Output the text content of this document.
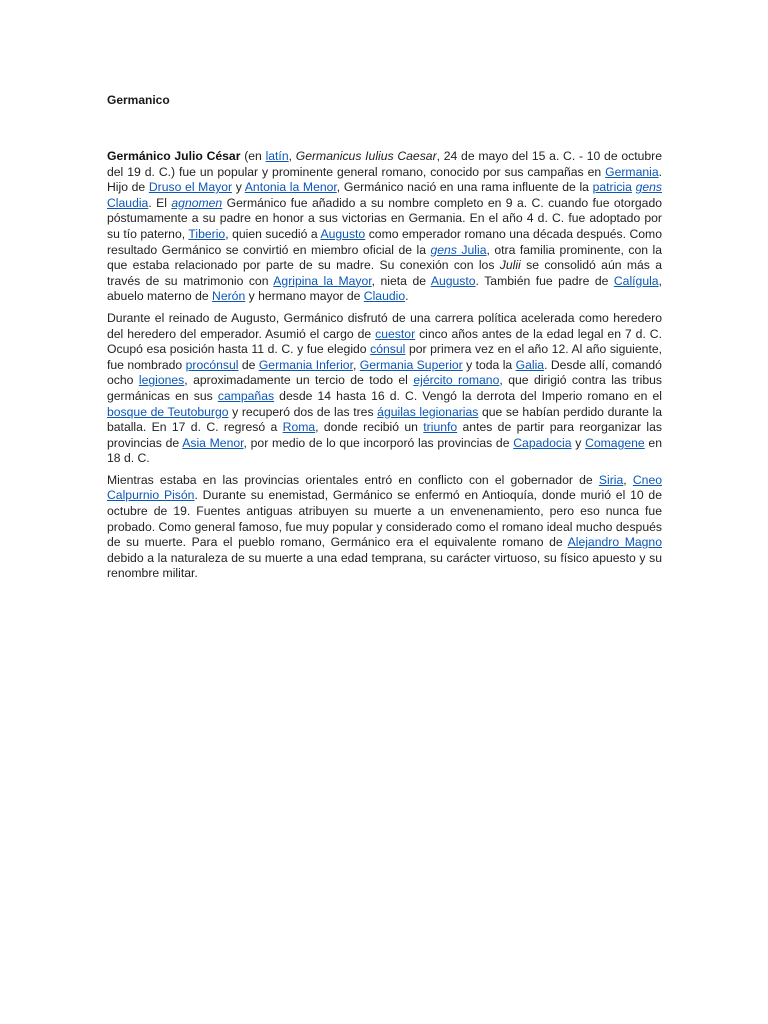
Germanico

Germánico Julio César (en latín, Germanicus Iulius Caesar, 24 de mayo del 15 a. C. - 10 de octubre del 19 d. C.) fue un popular y prominente general romano, conocido por sus campañas en Germania. Hijo de Druso el Mayor y Antonia la Menor, Germánico nació en una rama influente de la patricia gens Claudia. El agnomen Germánico fue añadido a su nombre completo en 9 a. C. cuando fue otorgado póstumamente a su padre en honor a sus victorias en Germania. En el año 4 d. C. fue adoptado por su tío paterno, Tiberio, quien sucedió a Augusto como emperador romano una década después. Como resultado Germánico se convirtió en miembro oficial de la gens Julia, otra familia prominente, con la que estaba relacionado por parte de su madre. Su conexión con los Julii se consolidó aún más a través de su matrimonio con Agripina la Mayor, nieta de Augusto. También fue padre de Calígula, abuelo materno de Nerón y hermano mayor de Claudio.

Durante el reinado de Augusto, Germánico disfrutó de una carrera política acelerada como heredero del heredero del emperador. Asumió el cargo de cuestor cinco años antes de la edad legal en 7 d. C. Ocupó esa posición hasta 11 d. C. y fue elegido cónsul por primera vez en el año 12. Al año siguiente, fue nombrado procónsul de Germania Inferior, Germania Superior y toda la Galia. Desde allí, comandó ocho legiones, aproximadamente un tercio de todo el ejército romano, que dirigió contra las tribus germánicas en sus campañas desde 14 hasta 16 d. C. Vengó la derrota del Imperio romano en el bosque de Teutoburgo y recuperó dos de las tres águilas legionarias que se habían perdido durante la batalla. En 17 d. C. regresó a Roma, donde recibió un triunfo antes de partir para reorganizar las provincias de Asia Menor, por medio de lo que incorporó las provincias de Capadocia y Comagene en 18 d. C.

Mientras estaba en las provincias orientales entró en conflicto con el gobernador de Siria, Cneo Calpurnio Pisón. Durante su enemistad, Germánico se enfermó en Antioquía, donde murió el 10 de octubre de 19. Fuentes antiguas atribuyen su muerte a un envenenamiento, pero eso nunca fue probado. Como general famoso, fue muy popular y considerado como el romano ideal mucho después de su muerte. Para el pueblo romano, Germánico era el equivalente romano de Alejandro Magno debido a la naturaleza de su muerte a una edad temprana, su carácter virtuoso, su físico apuesto y su renombre militar.
